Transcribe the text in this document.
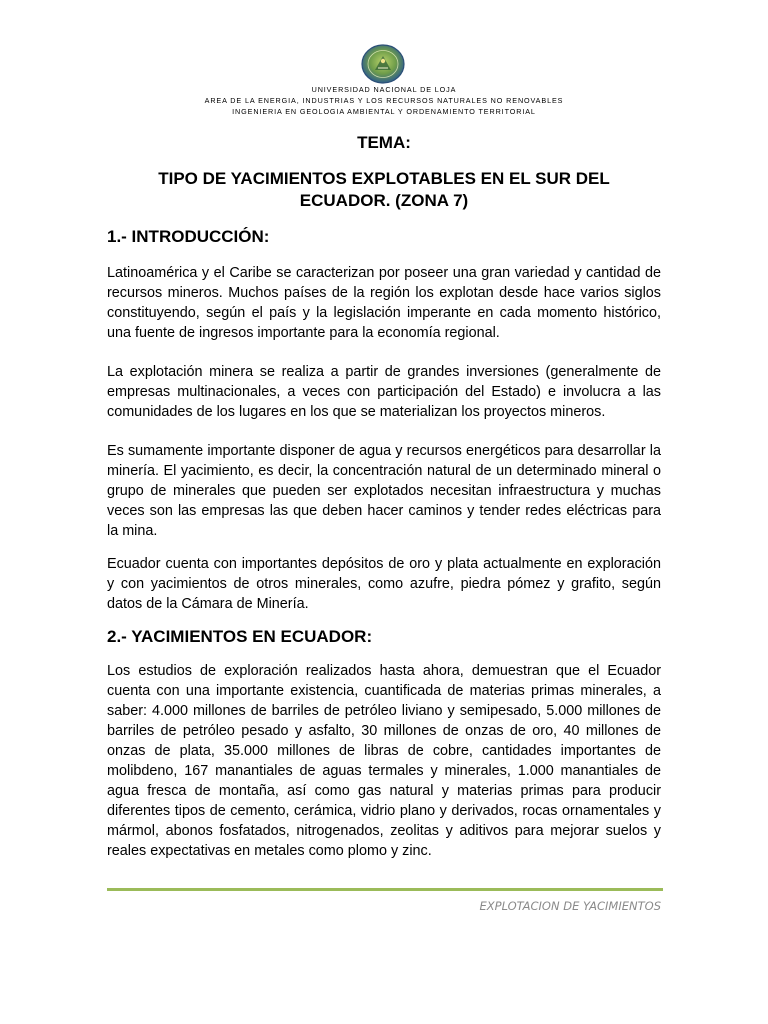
UNIVERSIDAD NACIONAL DE LOJA
AREA DE LA ENERGIA, INDUSTRIAS Y LOS RECURSOS NATURALES NO RENOVABLES
INGENIERIA EN GEOLOGIA AMBIENTAL Y ORDENAMIENTO TERRITORIAL
TEMA:
TIPO DE YACIMIENTOS EXPLOTABLES EN EL SUR DEL ECUADOR. (ZONA 7)
1.- INTRODUCCIÓN:
Latinoamérica y el Caribe se caracterizan por poseer una gran variedad y cantidad de recursos mineros. Muchos países de la región los explotan desde hace varios siglos constituyendo, según el país y la legislación imperante en cada momento histórico, una fuente de ingresos importante para la economía regional.
La explotación minera se realiza a partir de grandes inversiones (generalmente de empresas multinacionales, a veces con participación del Estado) e involucra a las comunidades de los lugares en los que se materializan los proyectos mineros.
Es sumamente importante disponer de agua y recursos energéticos para desarrollar la minería. El yacimiento, es decir, la concentración natural de un determinado mineral o grupo de minerales que pueden ser explotados necesitan infraestructura y muchas veces son las empresas las que deben hacer caminos y tender redes eléctricas para la mina.
Ecuador cuenta con importantes depósitos de oro y plata actualmente en exploración y con yacimientos de otros minerales, como azufre, piedra pómez y grafito, según datos de la Cámara de Minería.
2.- YACIMIENTOS EN ECUADOR:
Los estudios de exploración realizados hasta ahora, demuestran que el Ecuador cuenta con una importante existencia, cuantificada de materias primas minerales, a saber: 4.000 millones de barriles de petróleo liviano y semipesado, 5.000 millones de barriles de petróleo pesado y asfalto, 30 millones de onzas de oro, 40 millones de onzas de plata, 35.000 millones de libras de cobre, cantidades importantes de molibdeno, 167 manantiales de aguas termales y minerales, 1.000 manantiales de agua fresca de montaña, así como gas natural y materias primas para producir diferentes tipos de cemento, cerámica, vidrio plano y derivados, rocas ornamentales y mármol, abonos fosfatados, nitrogenados, zeolitas y aditivos para mejorar suelos y reales expectativas en metales como plomo y zinc.
EXPLOTACION DE YACIMIENTOS
